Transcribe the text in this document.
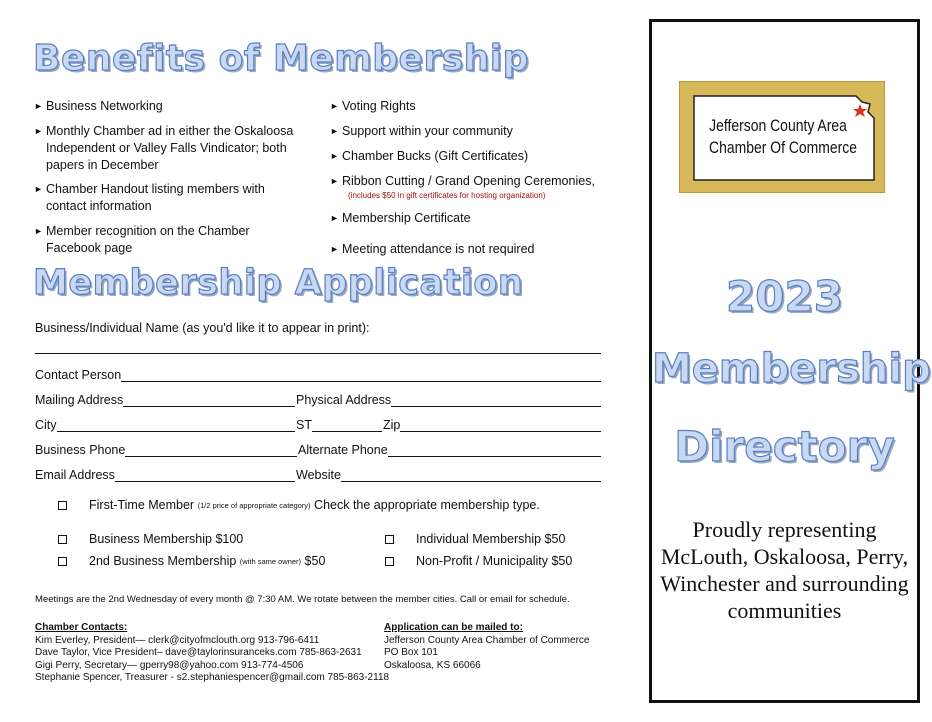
Benefits of Membership
► Business Networking
► Monthly Chamber ad in either the Oskaloosa Independent or Valley Falls Vindicator; both papers in December
► Chamber Handout listing members with contact information
► Member recognition on the Chamber Facebook page
► Voting Rights
► Support within your community
► Chamber Bucks (Gift Certificates)
► Ribbon Cutting / Grand Opening Ceremonies,
(includes $50 in gift certificates for hosting organization)
► Membership Certificate
► Meeting attendance is not required
Membership Application
Business/Individual Name (as you'd like it to appear in print):
Contact Person
Mailing Address	Physical Address
City	ST	Zip
Business Phone	Alternate Phone
Email Address	Website
First-Time Member
(1/2 price of appropriate category)
Check the appropriate membership type.
Business Membership $100
2nd Business Membership
(with same owner)
$50
Individual Membership $50
Non-Profit / Municipality $50
Meetings are the 2nd Wednesday of every month @ 7:30 AM. We rotate between the member cities. Call or email for schedule.
Chamber Contacts:
Kim Everley, President— clerk@cityofmclouth.org 913-796-6411
Dave Taylor, Vice President– dave@taylorinsuranceks.com 785-863-2631
Gigi Perry, Secretary— gperry98@yahoo.com 913-774-4506
Stephanie Spencer, Treasurer - s2.stephaniespencer@gmail.com 785-863-2118
Application can be mailed to:
Jefferson County Area Chamber of Commerce
PO Box 101
Oskaloosa, KS 66066
Jefferson County Area
Chamber Of Commerce
2023
Membership
Directory
Proudly representing McLouth, Oskaloosa, Perry, Winchester and surrounding communities
